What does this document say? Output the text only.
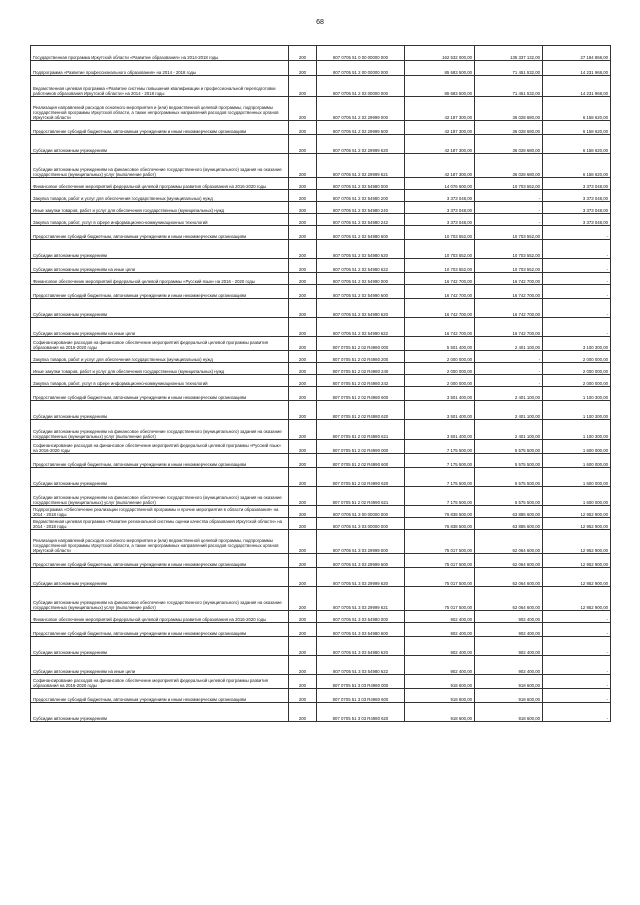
68
Государственная программа Иркутской области «Развитие образования» на 2014-2018 годы	200	807 0705 51 0 00 00000 000	162 532 000,00	135 337 132,00	27 184 868,00
Подпрограмма «Развитие профессионального образования» на 2014 - 2018 годы	200	807 0705 51 2 00 00000 000	85 683 500,00	71 451 532,00	14 231 968,00
Ведомственная целевая программа «Развитие системы повышения квалификации и профессиональной переподготовки работников образования Иркутской области» на 2014 - 2018 годы	200	807 0705 51 2 02 00000 000	85 683 500,00	71 451 532,00	14 231 968,00
Реализация направлений расходов основного мероприятия и (или) ведомственной целевой программы, подпрограммы государственной программы Иркутской области, а также непрограммных направлений расходов государственных органов Иркутской области	200	807 0705 51 2 02 29999 000	42 187 300,00	36 028 680,00	6 158 620,00
Предоставление субсидий бюджетным, автономным учреждениям и иным некоммерческим организациям	200	807 0705 51 2 02 29999 600	42 187 300,00	36 028 680,00	6 158 620,00
Субсидии автономным учреждениям	200	807 0705 51 2 02 29999 620	42 187 300,00	36 028 680,00	6 158 620,00
Субсидии автономным учреждениям на финансовое обеспечение государственного (муниципального) задания на оказание государственных (муниципальных) услуг (выполнение работ)	200	807 0705 51 2 02 29999 621	42 187 300,00	36 028 680,00	6 158 620,00
Финансовое обеспечение мероприятий федеральной целевой программы развития образования на 2016-2020 годы	200	807 0705 51 2 02 54980 000	14 076 600,00	10 703 552,00	3 373 048,00
Закупка товаров, работ и услуг для обеспечения государственных (муниципальных) нужд	200	807 0705 51 2 02 54980 200	3 373 048,00	-	3 373 048,00
Иные закупки товаров, работ и услуг для обеспечения государственных (муниципальных) нужд	200	807 0705 51 2 02 54980 240	3 373 048,00	-	3 373 048,00
Закупка товаров, работ, услуг в сфере информационно-коммуникационных технологий	200	807 0705 51 2 02 54980 242	3 373 048,00	-	3 373 048,00
Предоставление субсидий бюджетным, автономным учреждениям и иным некоммерческим организациям	200	807 0705 51 2 02 54980 600	10 703 552,00	10 703 552,00	-
Субсидии автономным учреждениям	200	807 0705 51 2 02 54980 620	10 703 552,00	10 703 552,00	-
Субсидии автономным учреждениям на иные цели	200	807 0705 51 2 02 54980 622	10 703 552,00	10 703 552,00	-
Финансовое обеспечение мероприятий федеральной целевой программы «Русский язык» на 2016 - 2020 годы	200	807 0705 51 2 02 54990 000	16 742 700,00	16 742 700,00	-
Предоставление субсидий бюджетным, автономным учреждениям и иным некоммерческим организациям	200	807 0705 51 2 02 54990 600	16 742 700,00	16 742 700,00	-
Субсидии автономным учреждениям	200	807 0705 51 2 02 54990 620	16 742 700,00	16 742 700,00	-
Субсидии автономным учреждениям на иные цели	200	807 0705 51 2 02 54990 622	16 742 700,00	16 742 700,00	-
Софинансирование расходов на финансовое обеспечение мероприятий федеральной целевой программы развития образования на 2016-2020 годы	200	807 0705 51 2 02 R4980 000	5 501 400,00	2 401 100,00	3 100 300,00
Закупка товаров, работ и услуг для обеспечения государственных (муниципальных) нужд	200	807 0705 51 2 02 R4980 200	2 000 000,00	-	2 000 000,00
Иные закупки товаров, работ и услуг для обеспечения государственных (муниципальных) нужд	200	807 0705 51 2 02 R4980 240	2 000 000,00	-	2 000 000,00
Закупка товаров, работ, услуг в сфере информационно-коммуникационных технологий	200	807 0705 51 2 02 R4980 242	2 000 000,00	-	2 000 000,00
Предоставление субсидий бюджетным, автономным учреждениям и иным некоммерческим организациям	200	807 0705 51 2 02 R4980 600	3 501 400,00	2 401 100,00	1 100 300,00
Субсидии автономным учреждениям	200	807 0705 51 2 02 R4980 620	3 501 400,00	2 401 100,00	1 100 300,00
Субсидии автономным учреждениям на финансовое обеспечение государственного (муниципального) задания на оказание государственных (муниципальных) услуг (выполнение работ)	200	807 0705 51 2 02 R4980 621	3 501 400,00	2 401 100,00	1 100 300,00
Софинансирование расходов на финансовое обеспечение мероприятий федеральной целевой программы «Русский язык» на 2016-2020 годы	200	807 0705 51 2 02 R4990 000	7 175 500,00	5 575 500,00	1 600 000,00
Предоставление субсидий бюджетным, автономным учреждениям и иным некоммерческим организациям	200	807 0705 51 2 02 R4990 600	7 175 500,00	5 575 500,00	1 600 000,00
Субсидии автономным учреждениям	200	807 0705 51 2 02 R4990 620	7 175 500,00	5 575 500,00	1 600 000,00
Субсидии автономным учреждениям на финансовое обеспечение государственного (муниципального) задания на оказание государственных (муниципальных) услуг (выполнение работ)	200	807 0705 51 2 02 R4990 621	7 175 500,00	5 575 500,00	1 600 000,00
Подпрограмма «Обеспечение реализации государственной программы и прочие мероприятия в области образования» на 2014 - 2018 годы	200	807 0705 51 3 00 00000 000	76 838 500,00	63 885 600,00	12 952 900,00
Ведомственная целевая программа «Развитие региональной системы оценки качества образования Иркутской области» на 2014 - 2018 годы	200	807 0705 51 3 03 00000 000	76 838 500,00	63 885 600,00	12 952 900,00
Реализация направлений расходов основного мероприятия и (или) ведомственной целевой программы, подпрограммы государственной программы Иркутской области, а также непрограммных направлений расходов государственных органов Иркутской области	200	807 0705 51 3 03 29999 000	75 017 500,00	62 064 600,00	12 952 900,00
Предоставление субсидий бюджетным, автономным учреждениям и иным некоммерческим организациям	200	807 0705 51 3 03 29999 600	75 017 500,00	62 064 600,00	12 952 900,00
Субсидии автономным учреждениям	200	807 0705 51 3 03 29999 620	75 017 500,00	62 064 600,00	12 952 900,00
Субсидии автономным учреждениям на финансовое обеспечение государственного (муниципального) задания на оказание государственных (муниципальных) услуг (выполнение работ)	200	807 0705 51 3 03 29999 621	75 017 500,00	62 064 600,00	12 952 900,00
Финансовое обеспечение мероприятий федеральной целевой программы развития образования на 2016-2020 годы	200	807 0705 51 3 03 54980 000	902 400,00	902 400,00	-
Предоставление субсидий бюджетным, автономным учреждениям и иным некоммерческим организациям	200	807 0705 51 3 03 54980 600	902 400,00	902 400,00	-
Субсидии автономным учреждениям	200	807 0705 51 3 03 54980 620	902 400,00	902 400,00	-
Субсидии автономным учреждениям на иные цели	200	807 0705 51 3 03 54980 622	902 400,00	902 400,00	-
Софинансирование расходов на финансовое обеспечение мероприятий федеральной целевой программы развития образования на 2016-2020 годы	200	807 0705 51 3 03 R4980 000	918 600,00	918 600,00	-
Предоставление субсидий бюджетным, автономным учреждениям и иным некоммерческим организациям	200	807 0705 51 3 03 R4980 600	918 600,00	918 600,00	-
Субсидии автономным учреждениям	200	807 0705 51 3 03 R4980 620	918 600,00	918 600,00	-
